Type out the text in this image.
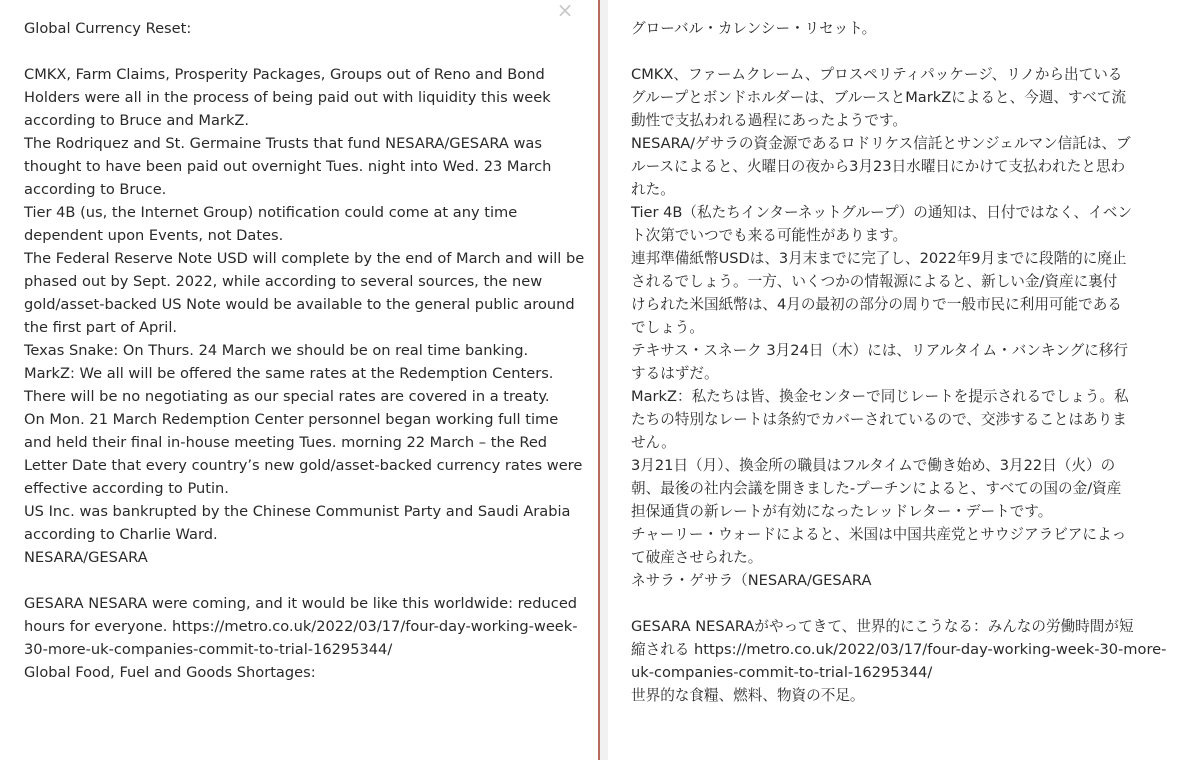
Global Currency Reset:
CMKX, Farm Claims, Prosperity Packages, Groups out of Reno and Bond
Holders were all in the process of being paid out with liquidity this week
according to Bruce and MarkZ.
The Rodriquez and St. Germaine Trusts that fund NESARA/GESARA was
thought to have been paid out overnight Tues. night into Wed. 23 March
according to Bruce.
Tier 4B (us, the Internet Group) notification could come at any time
dependent upon Events, not Dates.
The Federal Reserve Note USD will complete by the end of March and will be
phased out by Sept. 2022, while according to several sources, the new
gold/asset-backed US Note would be available to the general public around
the first part of April.
Texas Snake: On Thurs. 24 March we should be on real time banking.
MarkZ: We all will be offered the same rates at the Redemption Centers.
There will be no negotiating as our special rates are covered in a treaty.
On Mon. 21 March Redemption Center personnel began working full time
and held their final in-house meeting Tues. morning 22 March – the Red
Letter Date that every country’s new gold/asset-backed currency rates were
effective according to Putin.
US Inc. was bankrupted by the Chinese Communist Party and Saudi Arabia
according to Charlie Ward.
NESARA/GESARA
GESARA NESARA were coming, and it would be like this worldwide: reduced
hours for everyone. https://metro.co.uk/2022/03/17/four-day-working-week-
30-more-uk-companies-commit-to-trial-16295344/
Global Food, Fuel and Goods Shortages:
×
グローバル・カレンシー・リセット。
CMKX、ファームクレーム、プロスペリティパッケージ、リノから出ている
グループとボンドホルダーは、ブルースとMarkZによると、今週、すべて流
動性で支払われる過程にあったようです。
NESARA/ゲサラの資金源であるロドリケス信託とサンジェルマン信託は、ブ
ルースによると、火曜日の夜から3月23日水曜日にかけて支払われたと思わ
れた。
Tier 4B（私たちインターネットグループ）の通知は、日付ではなく、イベン
ト次第でいつでも来る可能性があります。
連邦準備紙幣USDは、3月末までに完了し、2022年9月までに段階的に廃止
されるでしょう。一方、いくつかの情報源によると、新しい金/資産に裏付
けられた米国紙幣は、4月の最初の部分の周りで一般市民に利用可能である
でしょう。
テキサス・スネーク 3月24日（木）には、リアルタイム・バンキングに移行
するはずだ。
MarkZ：私たちは皆、換金センターで同じレートを提示されるでしょう。私
たちの特別なレートは条約でカバーされているので、交渉することはありま
せん。
3月21日（月）、換金所の職員はフルタイムで働き始め、3月22日（火）の
朝、最後の社内会議を開きました-プーチンによると、すべての国の金/資産
担保通貨の新レートが有効になったレッドレター・デートです。
チャーリー・ウォードによると、米国は中国共産党とサウジアラビアによっ
て破産させられた。
ネサラ・ゲサラ（NESARA/GESARA
GESARA NESARAがやってきて、世界的にこうなる：みんなの労働時間が短
縮される https://metro.co.uk/2022/03/17/four-day-working-week-30-more-
uk-companies-commit-to-trial-16295344/
世界的な食糧、燃料、物資の不足。
